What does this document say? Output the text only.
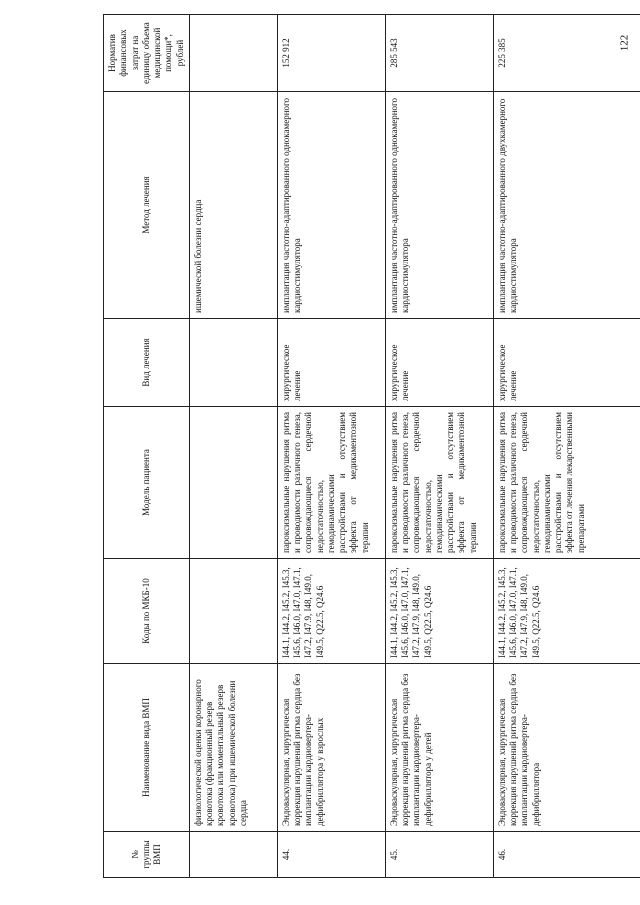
122
№ группы ВМП	Наименование вида ВМП	Коды по МКБ-10	Модель пациента	Вид лечения	Метод лечения	Норматив финансовых затрат на единицу объема медицинской помощи*, рублей
	физиологической оценки коронарного кровотока (фракционный резерв кровотока или моментальный резерв кровотока) при ишемической болезни сердца				ишемической болезни сердца	
44.	Эндоваскулярная, хирургическая коррекция нарушений ритма сердца без имплантации кардиовертера-дефибриллятора у взрослых	I44.1, I44.2, I45.2, I45.3, I45.6, I46.0, I47.0, I47.1, I47.2, I47.9, I48, I49.0, I49.5, Q22.5, Q24.6	пароксизмальные нарушения ритма и проводимости различного генеза, сопровождающиеся сердечной недостаточностью, гемодинамическими расстройствами и отсутствием эффекта от медикаментозной терапии	хирургическое лечение	имплантация частотно-адаптированного однокамерного кардиостимулятора	152 912
45.	Эндоваскулярная, хирургическая коррекция нарушений ритма сердца без имплантации кардиовертера-дефибриллятора у детей	I44.1, I44.2, I45.2, I45.3, I45.6, I46.0, I47.0, I47.1, I47.2, I47.9, I48, I49.0, I49.5, Q22.5, Q24.6	пароксизмальные нарушения ритма и проводимости различного генеза, сопровождающиеся сердечной недостаточностью, гемодинамическими расстройствами и отсутствием эффекта от медикаментозной терапии	хирургическое лечение	имплантация частотно-адаптированного однокамерного кардиостимулятора	285 543
46.	Эндоваскулярная, хирургическая коррекция нарушений ритма сердца без имплантации кардиовертера-дефибриллятора	I44.1, I44.2, I45.2, I45.3, I45.6, I46.0, I47.0, I47.1, I47.2, I47.9, I48, I49.0, I49.5, Q22.5, Q24.6	пароксизмальные нарушения ритма и проводимости различного генеза, сопровождающиеся сердечной недостаточностью, гемодинамическими расстройствами и отсутствием эффекта от лечения лекарственными препаратами	хирургическое лечение	имплантация частотно-адаптированного двухкамерного кардиостимулятора	225 385
